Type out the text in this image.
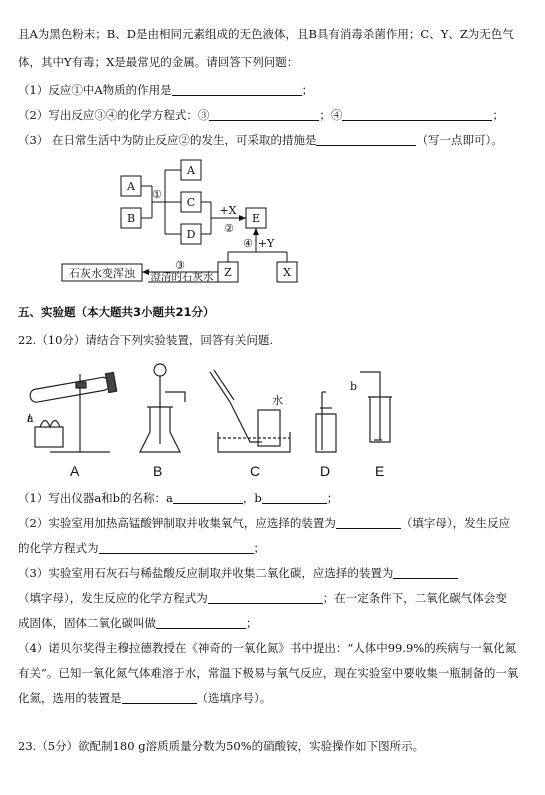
且A为黑色粉末；B、D是由相同元素组成的无色液体，且B具有消毒杀菌作用；C、Y、Z为无色气
体，其中Y有毒；X是最常见的金属。请回答下列问题：
（1）反应①中A物质的作用是	；
（2）写出反应③④的化学方程式：③	；④	；
（3） 在日常生活中为防止反应②的发生，可采取的措施是	（写一点即可）。
A
B
A
C
D
E
Z	X
①
+X
②
④ +Y
③
石灰水变浑浊 澄清的石灰水
五、实验题（本大题共3小题共21分）
22.（10分）请结合下列实验装置，回答有关问题.
a
b
水
A	B	C	D	E
（1）写出仪器a和b的名称：a	，b	；
（2）实验室用加热高锰酸钾制取并收集氧气，应选择的装置为	（填字母），发生反应
的化学方程式为	；
（3）实验室用石灰石与稀盐酸反应制取并收集二氧化碳，应选择的装置为
（填字母），发生反应的化学方程式为	；在一定条件下，二氧化碳气体会变
成固体，固体二氧化碳叫做	；
（4）诺贝尔奖得主穆拉德教授在《神奇的一氧化氮》书中提出：“人体中99.9%的疾病与一氧化氮
有关”。已知一氧化氮气体难溶于水，常温下极易与氧气反应，现在实验室中要收集一瓶制备的一氧
化氮，选用的装置是	（选填序号）。
23.（5分）欲配制180 g溶质质量分数为50%的硝酸铵，实验操作如下图所示。
